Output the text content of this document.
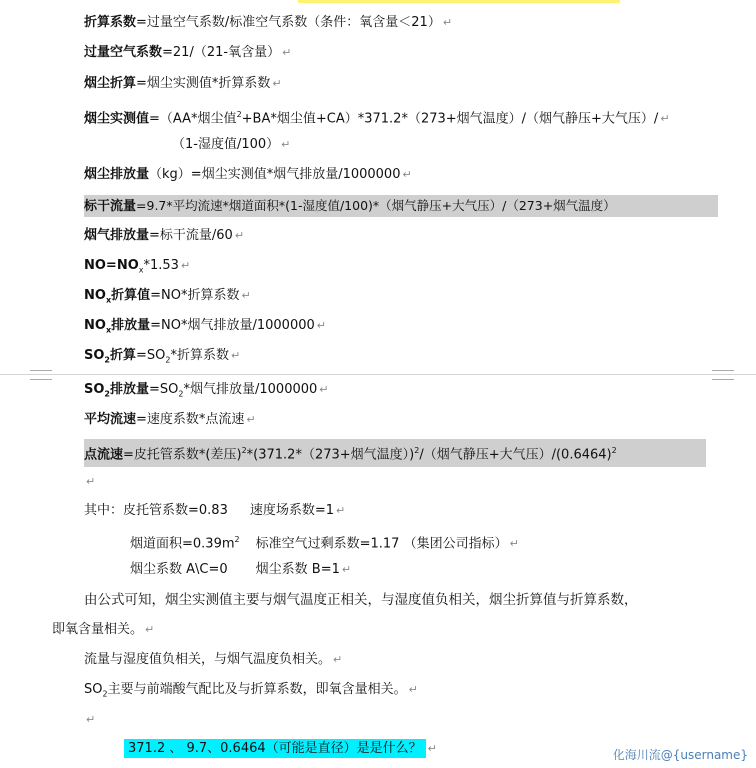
折算系数=过量空气系数/标准空气系数（条件：氧含量＜21） ↵
过量空气系数=21/（21-氧含量） ↵
烟尘折算=烟尘实测值*折算系数 ↵
烟尘实测值=（AA*烟尘值$^2$+BA*烟尘值+CA）*371.2*（273+烟气温度）/（烟气静压+大气压）/ ↵
（1-湿度值/100） ↵
烟尘排放量（kg）=烟尘实测值*烟气排放量/1000000 ↵
标干流量=9.7*平均流速*烟道面积*(1-湿度值/100)*（烟气静压+大气压）/（273+烟气温度）
烟气排放量=标干流量/60 ↵
$NO=NO_x*1.53$ ↵
$NO_x$折算值=NO*折算系数 ↵
$NO_x$排放量=NO*烟气排放量/1000000 ↵
$SO_2$折算$=SO_2*$折算系数 ↵
$SO_2$排放量$=SO_2*$烟气排放量/1000000 ↵
平均流速=速度系数*点流速 ↵
点流速=皮托管系数*(差压)$^2$*(371.2*（273+烟气温度）)$^2$/（烟气静压+大气压）$/(0.6464)^2$
↵
其中：皮托管系数=0.83 速度场系数=1 ↵
烟道面积$=0.39m^2$ 标准空气过剩系数=1.17 （集团公司指标） ↵
烟尘系数 A\C=0 烟尘系数 B=1 ↵
由公式可知，烟尘实测值主要与烟气温度正相关，与湿度值负相关，烟尘折算值与折算系数，
即氧含量相关。 ↵
流量与湿度值负相关，与烟气温度负相关。 ↵
$SO_2$主要与前端酸气配比及与折算系数，即氧含量相关。 ↵
↵
371.2 、 9.7、0.6464（可能是直径）是是什么？ ↵	化海川流@{username}
